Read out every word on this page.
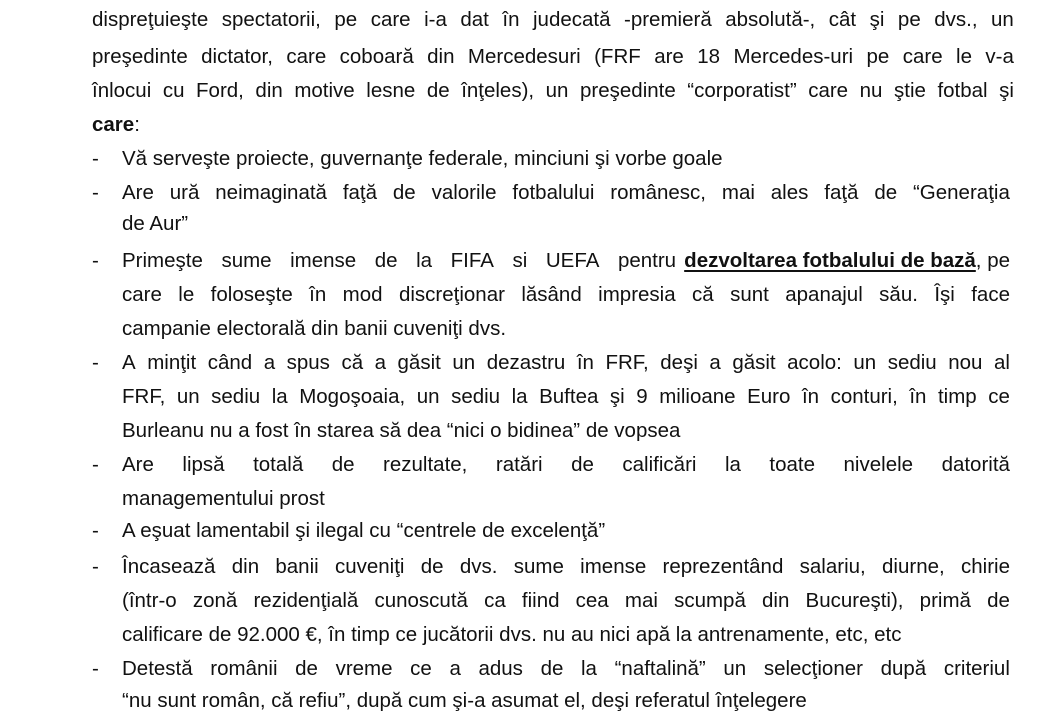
dispreţuieşte spectatorii, pe care i-a dat în judecată -premieră absolută-, cât şi pe dvs., un
preşedinte dictator, care coboară din Mercedesuri (FRF are 18 Mercedes-uri pe care le v-a
înlocui cu Ford, din motive lesne de înţeles), un preşedinte “corporatist” care nu ştie fotbal şi
care:
- Vă serveşte proiecte, guvernanţe federale, minciuni şi vorbe goale
- Are ură neimaginată faţă de valorile fotbalului românesc, mai ales faţă de “Generaţia
de Aur”
- Primeşte sume imense de la FIFA si UEFA pentru dezvoltarea fotbalului de bază , pe
care le foloseşte în mod discreţionar lăsând impresia că sunt apanajul său. Îşi face
campanie electorală din banii cuveniţi dvs.
- A minţit când a spus că a găsit un dezastru în FRF, deşi a găsit acolo: un sediu nou al
FRF, un sediu la Mogoşoaia, un sediu la Buftea şi 9 milioane Euro în conturi, în timp ce
Burleanu nu a fost în starea să dea “nici o bidinea” de vopsea
- Are lipsă totală de rezultate, ratări de calificări la toate nivelele datorită
managementului prost
- A eşuat lamentabil şi ilegal cu “centrele de excelenţă”
- Încasează din banii cuveniţi de dvs. sume imense reprezentând salariu, diurne, chirie
(într-o zonă rezidenţială cunoscută ca fiind cea mai scumpă din Bucureşti), primă de
calificare de 92.000 €, în timp ce jucătorii dvs. nu au nici apă la antrenamente, etc, etc
- Detestă românii de vreme ce a adus de la “naftalină” un selecţioner după criteriul
“nu sunt român, că refiu”, după cum şi-a asumat el, deşi referatul înţelegere
